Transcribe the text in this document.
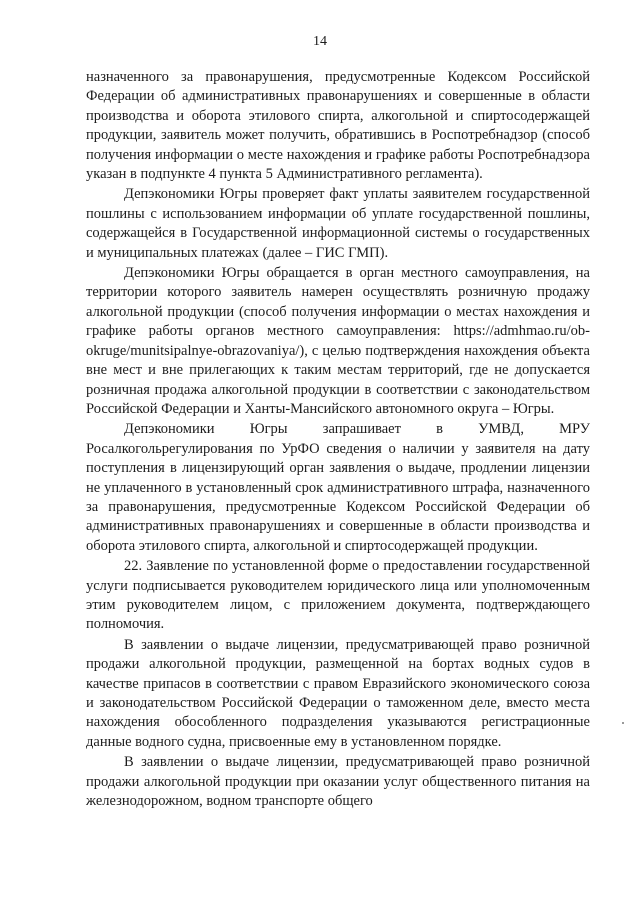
14

назначенного за правонарушения, предусмотренные Кодексом Российской Федерации об административных правонарушениях и совершенные в области производства и оборота этилового спирта, алкогольной и спиртосодержащей продукции, заявитель может получить, обратившись в Роспотребнадзор (способ получения информации о месте нахождения и графике работы Роспотребнадзора указан в подпункте 4 пункта 5 Административного регламента).

Депэкономики Югры проверяет факт уплаты заявителем государственной пошлины с использованием информации об уплате государственной пошлины, содержащейся в Государственной информационной системы о государственных и муниципальных платежах (далее – ГИС ГМП).

Депэкономики Югры обращается в орган местного самоуправления, на территории которого заявитель намерен осуществлять розничную продажу алкогольной продукции (способ получения информации о местах нахождения и графике работы органов местного самоуправления: https://admhmao.ru/ob-okruge/munitsipalnye-obrazovaniya/), с целью подтверждения нахождения объекта вне мест и вне прилегающих к таким местам территорий, где не допускается розничная продажа алкогольной продукции в соответствии с законодательством Российской Федерации и Ханты-Мансийского автономного округа – Югры.

Депэкономики Югры запрашивает в УМВД, МРУ Росалкогольрегулирования по УрФО сведения о наличии у заявителя на дату поступления в лицензирующий орган заявления о выдаче, продлении лицензии не уплаченного в установленный срок административного штрафа, назначенного за правонарушения, предусмотренные Кодексом Российской Федерации об административных правонарушениях и совершенные в области производства и оборота этилового спирта, алкогольной и спиртосодержащей продукции.

22. Заявление по установленной форме о предоставлении государственной услуги подписывается руководителем юридического лица или уполномоченным этим руководителем лицом, с приложением документа, подтверждающего полномочия.

В заявлении о выдаче лицензии, предусматривающей право розничной продажи алкогольной продукции, размещенной на бортах водных судов в качестве припасов в соответствии с правом Евразийского экономического союза и законодательством Российской Федерации о таможенном деле, вместо места нахождения обособленного подразделения указываются регистрационные данные водного судна, присвоенные ему в установленном порядке.

В заявлении о выдаче лицензии, предусматривающей право розничной продажи алкогольной продукции при оказании услуг общественного питания на железнодорожном, водном транспорте общего
